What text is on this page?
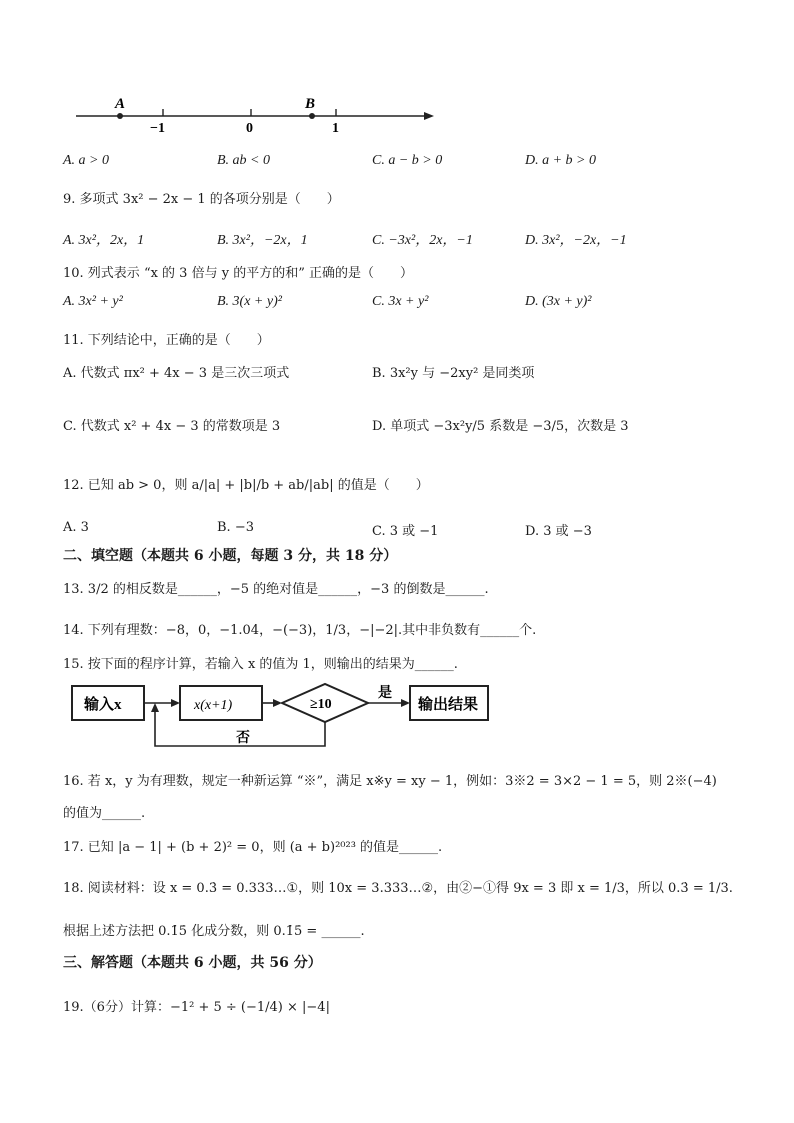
A	B
−1	0	1
A. a > 0	B. ab < 0	C. a − b > 0	D. a + b > 0
9. 多项式 3x² − 2x − 1 的各项分别是（　　）
A. 3x²，2x，1	B. 3x²，−2x，1	C. −3x²，2x，−1	D. 3x²，−2x，−1
10. 列式表示 “x 的 3 倍与 y 的平方的和” 正确的是（　　）
A. 3x² + y²	B. 3(x + y)²	C. 3x + y²	D. (3x + y)²
11. 下列结论中，正确的是（　　）
A. 代数式 πx² + 4x − 3 是三次三项式	B. 3x²y 与 −2xy² 是同类项
C. 代数式 x² + 4x − 3 的常数项是 3	D. 单项式 −3x²y/5 系数是 −3/5，次数是 3
12. 已知 ab > 0，则 a/|a| + |b|/b + ab/|ab| 的值是（　　）
A. 3	B. −3	C. 3 或 −1	D. 3 或 −3
二、填空题（本题共 6 小题，每题 3 分，共 18 分）
13. 3/2 的相反数是______，−5 的绝对值是______，−3 的倒数是______.
14. 下列有理数：−8，0，−1.04，−(−3)，1/3，−|−2|.其中非负数有______个.
15. 按下面的程序计算，若输入 x 的值为 1，则输出的结果为______.
输入x	x(x+1)	≥10
是
输出结果
否
16. 若 x，y 为有理数，规定一种新运算 “※”，满足 x※y = xy − 1，例如：3※2 = 3×2 − 1 = 5，则 2※(−4)
的值为______.
17. 已知 |a − 1| + (b + 2)² = 0，则 (a + b)²⁰²³ 的值是______.
18. 阅读材料：设 x = 0.3̇ = 0.333…①，则 10x = 3.333…②，由②−①得 9x = 3 即 x = 1/3，所以 0.3̇ = 1/3.
根据上述方法把 0.1̇5̇ 化成分数，则 0.1̇5̇ = ______.
三、解答题（本题共 6 小题，共 56 分）
19.（6分）计算：−1² + 5 ÷ (−1/4) × |−4|
